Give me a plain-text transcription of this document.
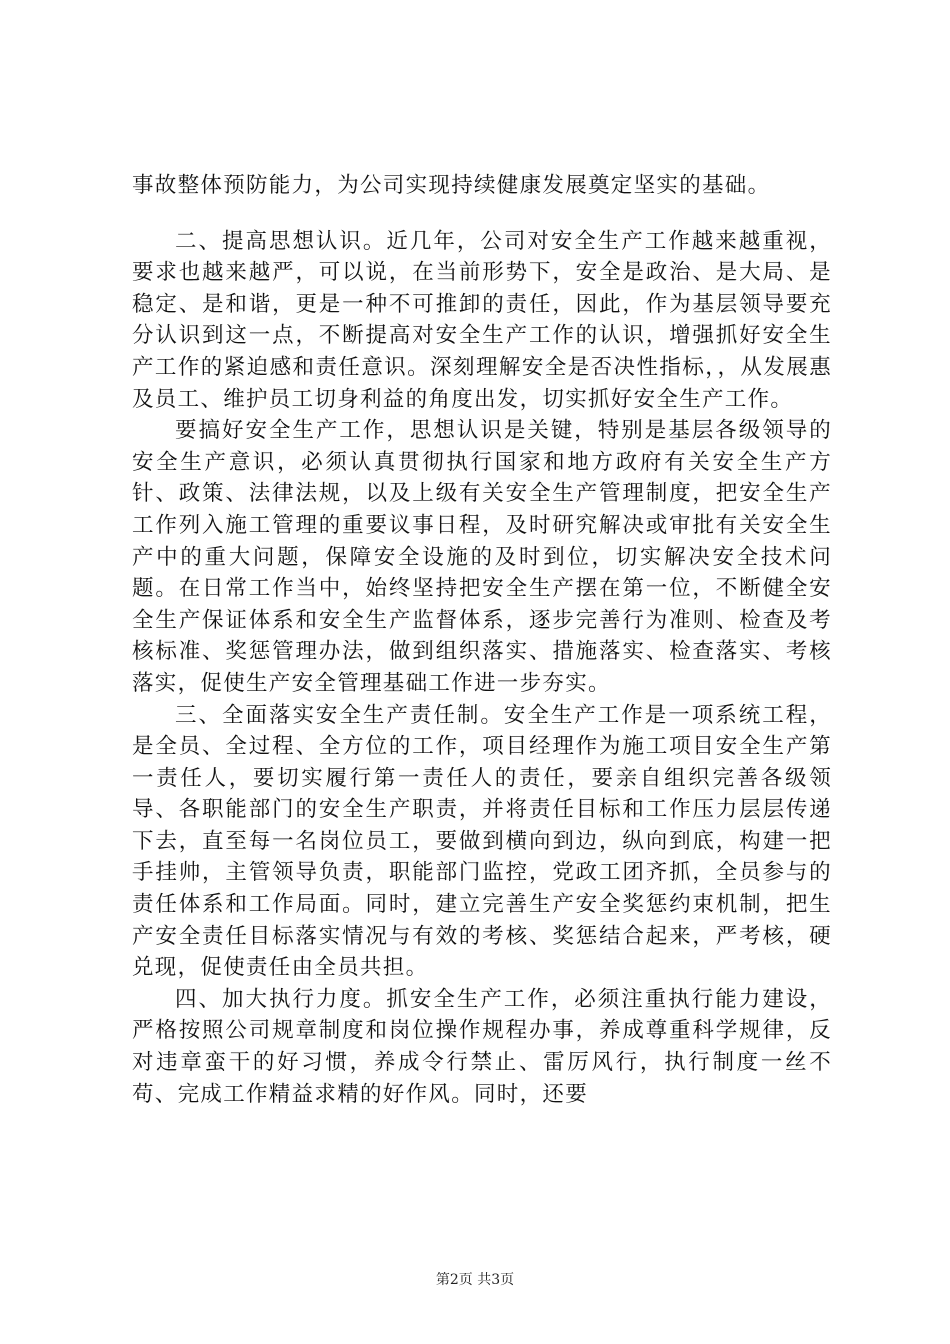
事故整体预防能力，为公司实现持续健康发展奠定坚实的基础。

二、提高思想认识。近几年，公司对安全生产工作越来越重视，要求也越来越严，可以说，在当前形势下，安全是政治、是大局、是稳定、是和谐，更是一种不可推卸的责任，因此，作为基层领导要充分认识到这一点，不断提高对安全生产工作的认识，增强抓好安全生产工作的紧迫感和责任意识。深刻理解安全是否决性指标，，从发展惠及员工、维护员工切身利益的角度出发，切实抓好安全生产工作。

要搞好安全生产工作，思想认识是关键，特别是基层各级领导的安全生产意识，必须认真贯彻执行国家和地方政府有关安全生产方针、政策、法律法规，以及上级有关安全生产管理制度，把安全生产工作列入施工管理的重要议事日程，及时研究解决或审批有关安全生产中的重大问题，保障安全设施的及时到位，切实解决安全技术问题。在日常工作当中，始终坚持把安全生产摆在第一位，不断健全安全生产保证体系和安全生产监督体系，逐步完善行为准则、检查及考核标准、奖惩管理办法，做到组织落实、措施落实、检查落实、考核落实，促使生产安全管理基础工作进一步夯实。

三、全面落实安全生产责任制。安全生产工作是一项系统工程，是全员、全过程、全方位的工作，项目经理作为施工项目安全生产第一责任人，要切实履行第一责任人的责任，要亲自组织完善各级领导、各职能部门的安全生产职责，并将责任目标和工作压力层层传递下去，直至每一名岗位员工，要做到横向到边，纵向到底，构建一把手挂帅，主管领导负责，职能部门监控，党政工团齐抓，全员参与的责任体系和工作局面。同时，建立完善生产安全奖惩约束机制，把生产安全责任目标落实情况与有效的考核、奖惩结合起来，严考核，硬兑现，促使责任由全员共担。

四、加大执行力度。抓安全生产工作，必须注重执行能力建设，严格按照公司规章制度和岗位操作规程办事，养成尊重科学规律，反对违章蛮干的好习惯，养成令行禁止、雷厉风行，执行制度一丝不苟、完成工作精益求精的好作风。同时，还要

第2页 共3页
